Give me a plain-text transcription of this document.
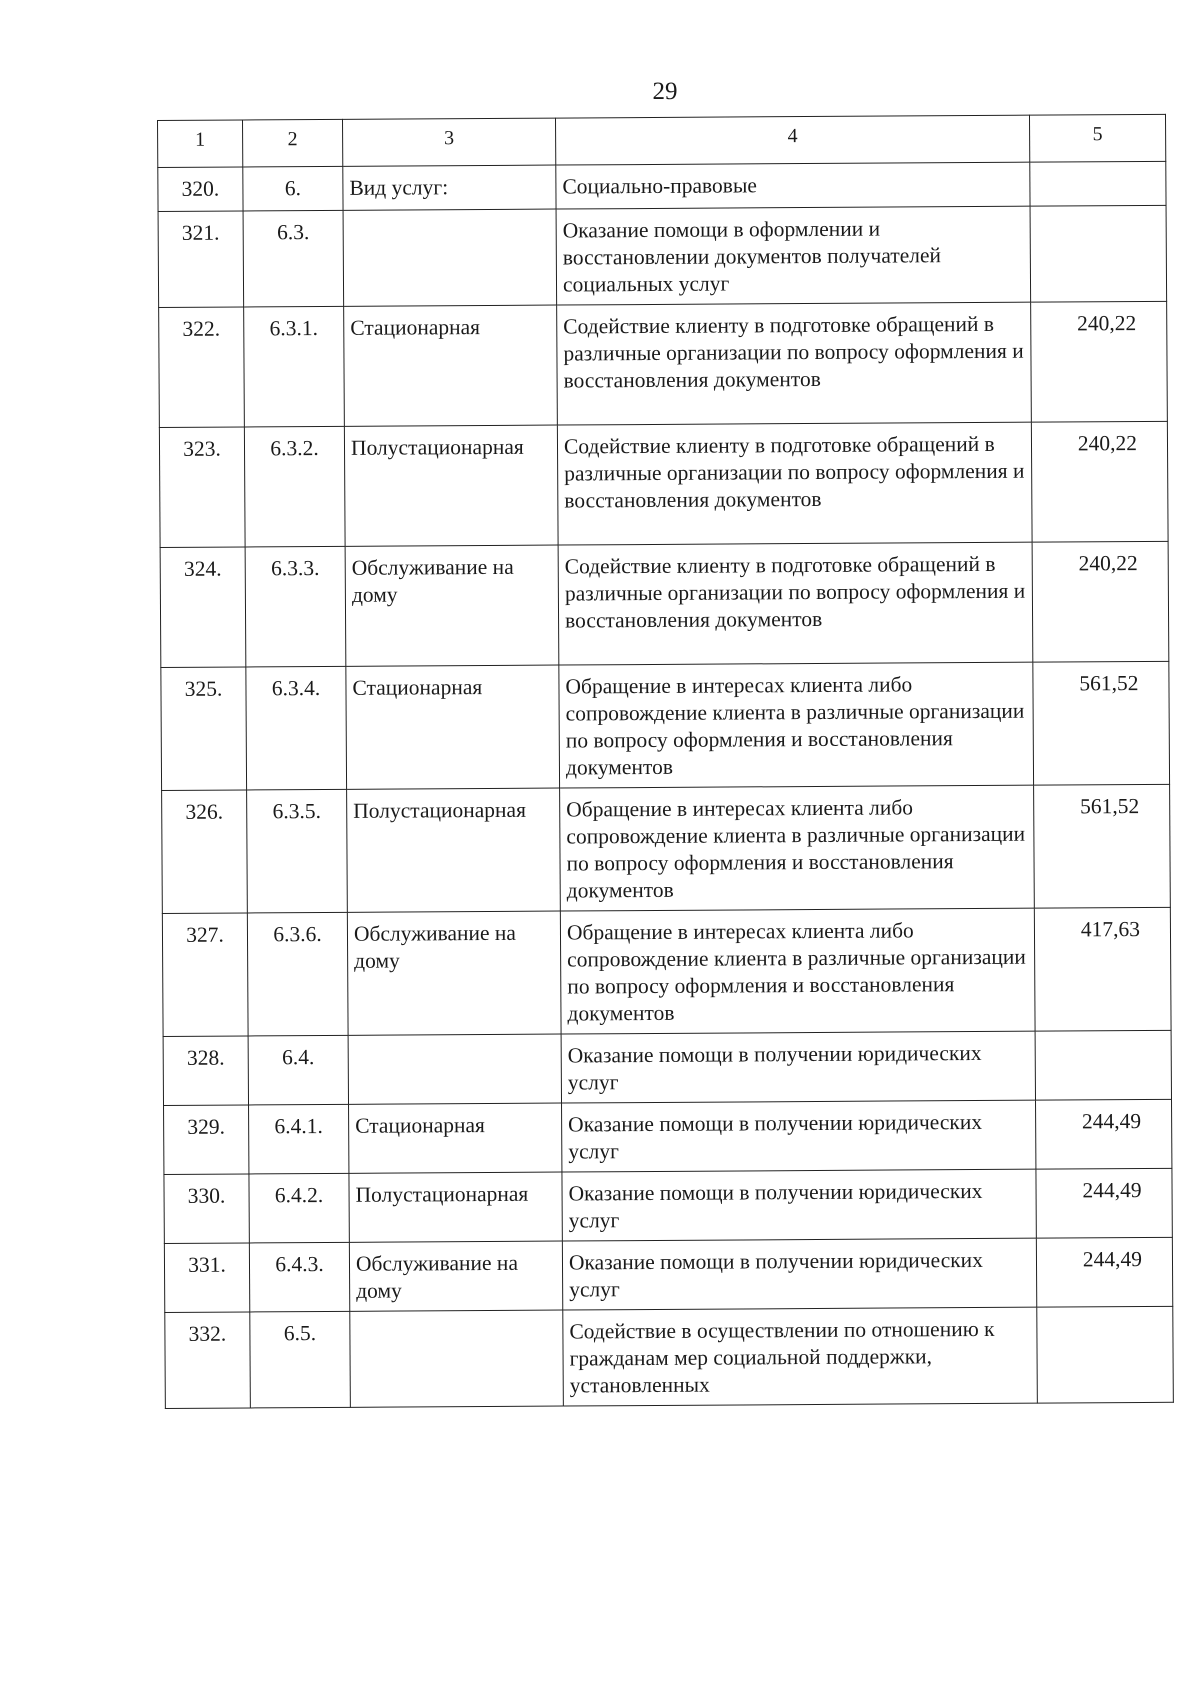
29
1	2	3	4	5
320.	6.	Вид услуг:	Социально-правовые	
321.	6.3.		Оказание помощи в оформлении и восстановлении документов получателей социальных услуг	
322.	6.3.1.	Стационарная	Содействие клиенту в подготовке обращений в различные организации по вопросу оформления и восстановления документов	240,22
323.	6.3.2.	Полустационарная	Содействие клиенту в подготовке обращений в различные организации по вопросу оформления и восстановления документов	240,22
324.	6.3.3.	Обслуживание на дому	Содействие клиенту в подготовке обращений в различные организации по вопросу оформления и восстановления документов	240,22
325.	6.3.4.	Стационарная	Обращение в интересах клиента либо сопровождение клиента в различные организации по вопросу оформления и восстановления документов	561,52
326.	6.3.5.	Полустационарная	Обращение в интересах клиента либо сопровождение клиента в различные организации по вопросу оформления и восстановления документов	561,52
327.	6.3.6.	Обслуживание на дому	Обращение в интересах клиента либо сопровождение клиента в различные организации по вопросу оформления и восстановления документов	417,63
328.	6.4.		Оказание помощи в получении юридических услуг	
329.	6.4.1.	Стационарная	Оказание помощи в получении юридических услуг	244,49
330.	6.4.2.	Полустационарная	Оказание помощи в получении юридических услуг	244,49
331.	6.4.3.	Обслуживание на дому	Оказание помощи в получении юридических услуг	244,49
332.	6.5.		Содействие в осуществлении по отношению к гражданам мер социальной поддержки, установленных	
